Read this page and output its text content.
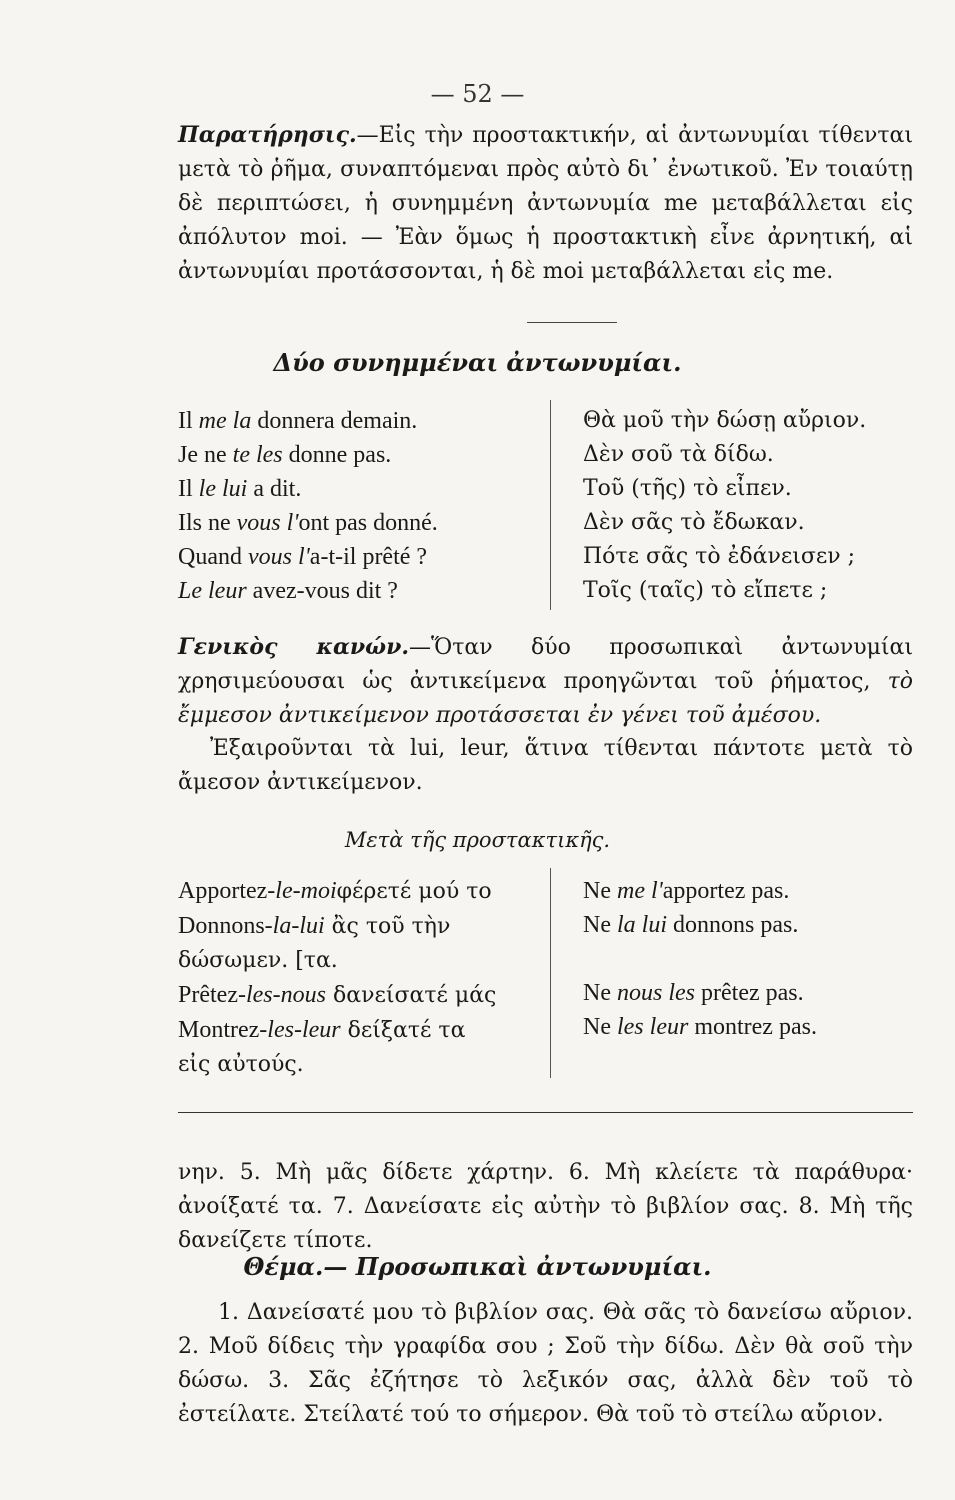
— 52 —
Παρατήρησις.—Εἰς τὴν προστακτικήν, αἱ ἀντωνυμίαι τίθενται μετὰ τὸ ῥῆμα, συναπτόμεναι πρὸς αὐτὸ δι᾿ ἐνωτικοῦ. Ἐν τοιαύτῃ δὲ περιπτώσει, ἡ συνημμένη ἀντωνυμία me μεταβάλλεται εἰς ἀπόλυτον moi. — Ἐὰν ὅμως ἡ προστακτικὴ εἶνε ἀρνητική, αἱ ἀντωνυμίαι προτάσσονται, ἡ δὲ moi μεταβάλλεται εἰς me.
Δύο συνημμέναι ἀντωνυμίαι.
Il me la donnera demain.
Je ne te les donne pas.
Il le lui a dit.
Ils ne vous l'ont pas donné.
Quand vous l'a-t-il prêté ?
Le leur avez-vous dit ?
Θὰ μοῦ τὴν δώσῃ αὔριον.
Δὲν σοῦ τὰ δίδω.
Τοῦ (τῆς) τὸ εἶπεν.
Δὲν σᾶς τὸ ἔδωκαν.
Πότε σᾶς τὸ ἐδάνεισεν ;
Τοῖς (ταῖς) τὸ εἴπετε ;
Γενικὸς κανών.—Ὅταν δύο προσωπικαὶ ἀντωνυμίαι χρησιμεύουσαι ὡς ἀντικείμενα προηγῶνται τοῦ ῥήματος, τὸ ἔμμεσον ἀντικείμενον προτάσσεται ἐν γένει τοῦ ἀμέσου.
Ἐξαιροῦνται τὰ lui, leur, ἅτινα τίθενται πάντοτε μετὰ τὸ ἄμεσον ἀντικείμενον.
Μετὰ τῆς προστακτικῆς.
Apportez-le-moiφέρετέ μού το
Donnons-la-lui ἂς τοῦ τὴν
δώσωμεν. [τα.
Prêtez-les-nous δανείσατέ μάς
Montrez-les-leur δείξατέ τα
εἰς αὐτούς.
Ne me l'apportez pas.
Ne la lui donnons pas.

Ne nous les prêtez pas.
Ne les leur montrez pas.
νην. 5. Μὴ μᾶς δίδετε χάρτην. 6. Μὴ κλείετε τὰ παράθυρα· ἀνοίξατέ τα. 7. Δανείσατε εἰς αὐτὴν τὸ βιβλίον σας. 8. Μὴ τῆς δανείζετε τίποτε.
Θέμα.— Προσωπικαὶ ἀντωνυμίαι.
1. Δανείσατέ μου τὸ βιβλίον σας. Θὰ σᾶς τὸ δανείσω αὔριον. 2. Μοῦ δίδεις τὴν γραφίδα σου ; Σοῦ τὴν δίδω. Δὲν θὰ σοῦ τὴν δώσω. 3. Σᾶς ἐζήτησε τὸ λεξικόν σας, ἀλλὰ δὲν τοῦ τὸ ἐστείλατε. Στείλατέ τού το σήμερον. Θὰ τοῦ τὸ στείλω αὔριον.
